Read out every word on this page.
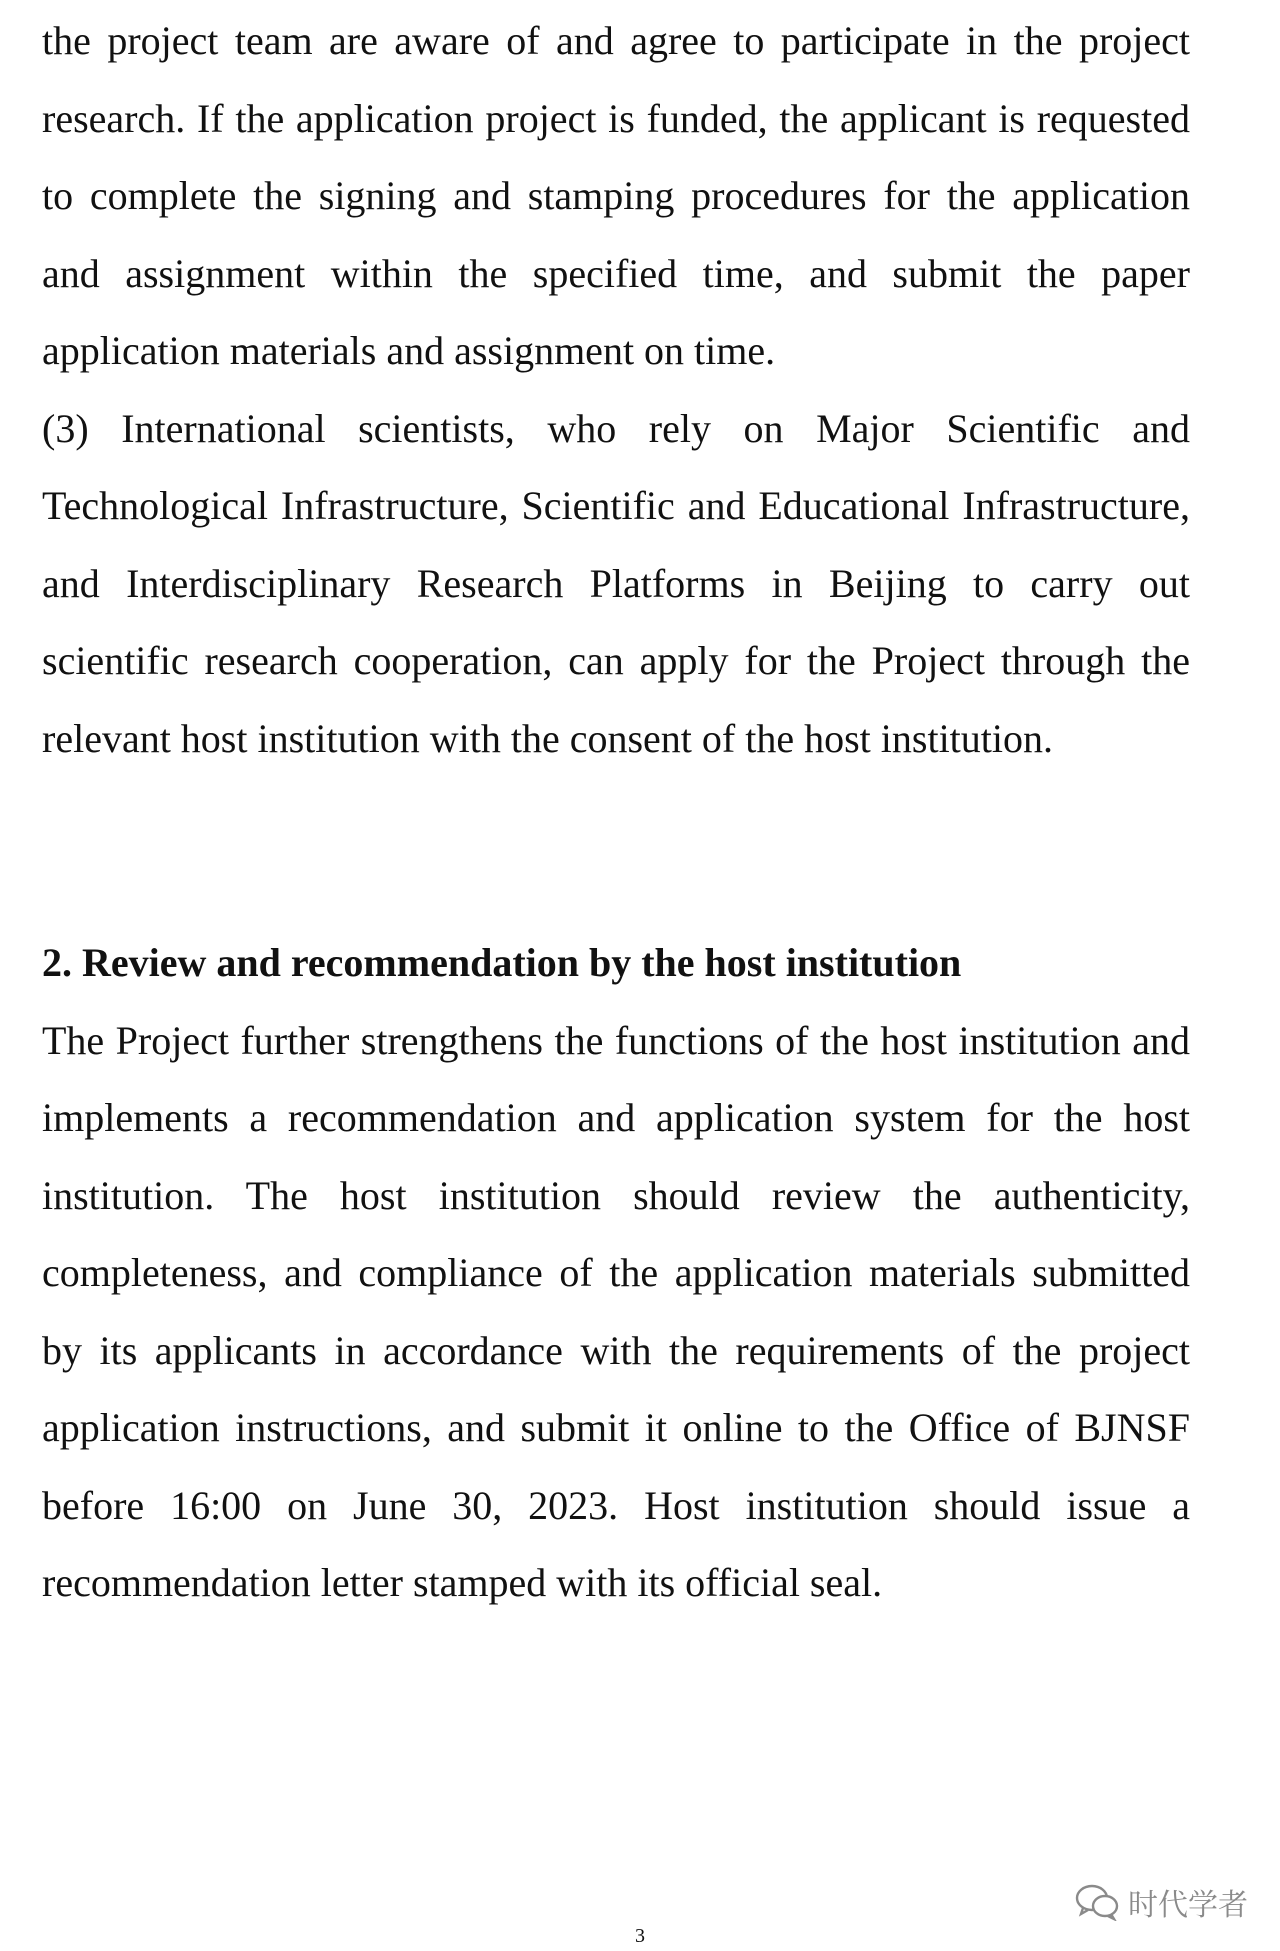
the project team are aware of and agree to participate in the project research. If the application project is funded, the applicant is requested to complete the signing and stamping procedures for the application and assignment within the specified time, and submit the paper application materials and assignment on time.

(3) International scientists, who rely on Major Scientific and Technological Infrastructure, Scientific and Educational Infrastructure, and Interdisciplinary Research Platforms in Beijing to carry out scientific research cooperation, can apply for the Project through the relevant host institution with the consent of the host institution.

2. Review and recommendation by the host institution

The Project further strengthens the functions of the host institution and implements a recommendation and application system for the host institution. The host institution should review the authenticity, completeness, and compliance of the application materials submitted by its applicants in accordance with the requirements of the project application instructions, and submit it online to the Office of BJNSF before 16:00 on June 30, 2023. Host institution should issue a recommendation letter stamped with its official seal.

时代学者
3
